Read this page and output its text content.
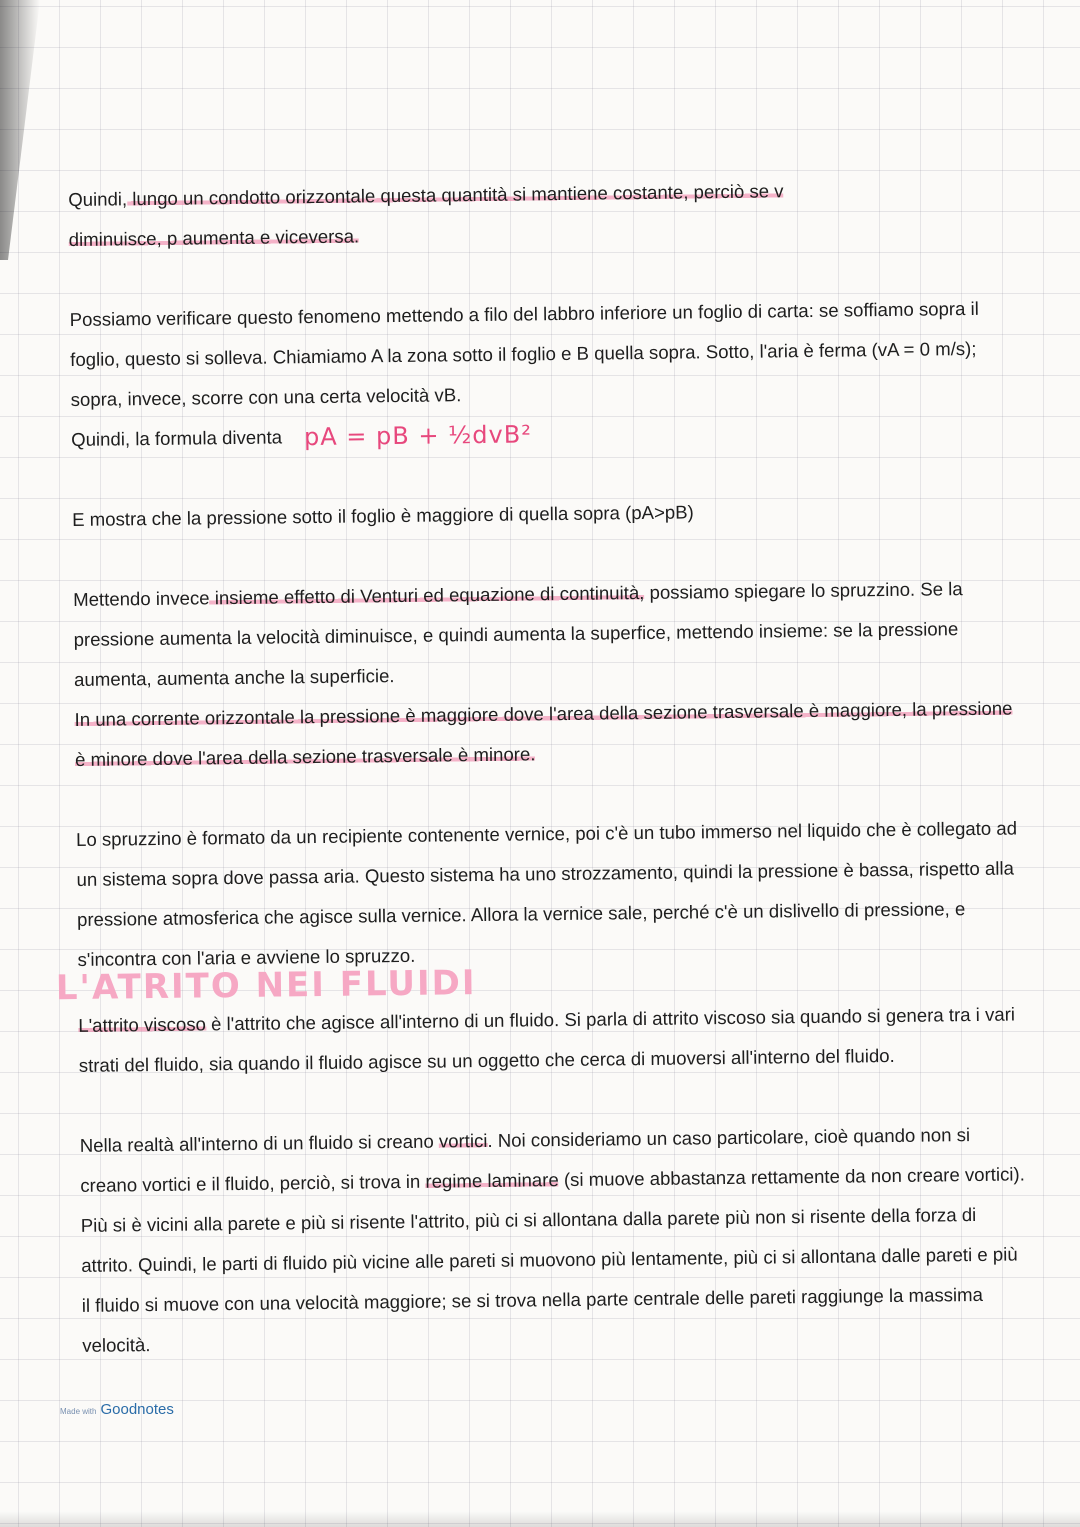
Quindi, lungo un condotto orizzontale questa quantità si mantiene costante, perciò se v
diminuisce, p aumenta e viceversa.

Possiamo verificare questo fenomeno mettendo a filo del labbro inferiore un foglio di carta: se soffiamo sopra il foglio, questo si solleva. Chiamiamo A la zona sotto il foglio e B quella sopra. Sotto, l'aria è ferma (vA = 0 m/s); sopra, invece, scorre con una certa velocità vB.
Quindi, la formula diventa pA = pB + ½dvB²

E mostra che la pressione sotto il foglio è maggiore di quella sopra (pA>pB)

Mettendo invece insieme effetto di Venturi ed equazione di continuità, possiamo spiegare lo spruzzino. Se la pressione aumenta la velocità diminuisce, e quindi aumenta la superfice, mettendo insieme: se la pressione aumenta, aumenta anche la superficie.
In una corrente orizzontale la pressione è maggiore dove l'area della sezione trasversale è maggiore, la pressione è minore dove l'area della sezione trasversale è minore.

Lo spruzzino è formato da un recipiente contenente vernice, poi c'è un tubo immerso nel liquido che è collegato ad un sistema sopra dove passa aria. Questo sistema ha uno strozzamento, quindi la pressione è bassa, rispetto alla pressione atmosferica che agisce sulla vernice. Allora la vernice sale, perché c'è un dislivello di pressione, e s'incontra con l'aria e avviene lo spruzzo.

L'ATRITO NEI FLUIDI

L'attrito viscoso è l'attrito che agisce all'interno di un fluido. Si parla di attrito viscoso sia quando si genera tra i vari strati del fluido, sia quando il fluido agisce su un oggetto che cerca di muoversi all'interno del fluido.

Nella realtà all'interno di un fluido si creano vortici. Noi consideriamo un caso particolare, cioè quando non si creano vortici e il fluido, perciò, si trova in regime laminare (si muove abbastanza rettamente da non creare vortici).
Più si è vicini alla parete e più si risente l'attrito, più ci si allontana dalla parete più non si risente della forza di attrito. Quindi, le parti di fluido più vicine alle pareti si muovono più lentamente, più ci si allontana dalle pareti e più il fluido si muove con una velocità maggiore; se si trova nella parte centrale delle pareti raggiunge la massima velocità.

Made with Goodnotes
